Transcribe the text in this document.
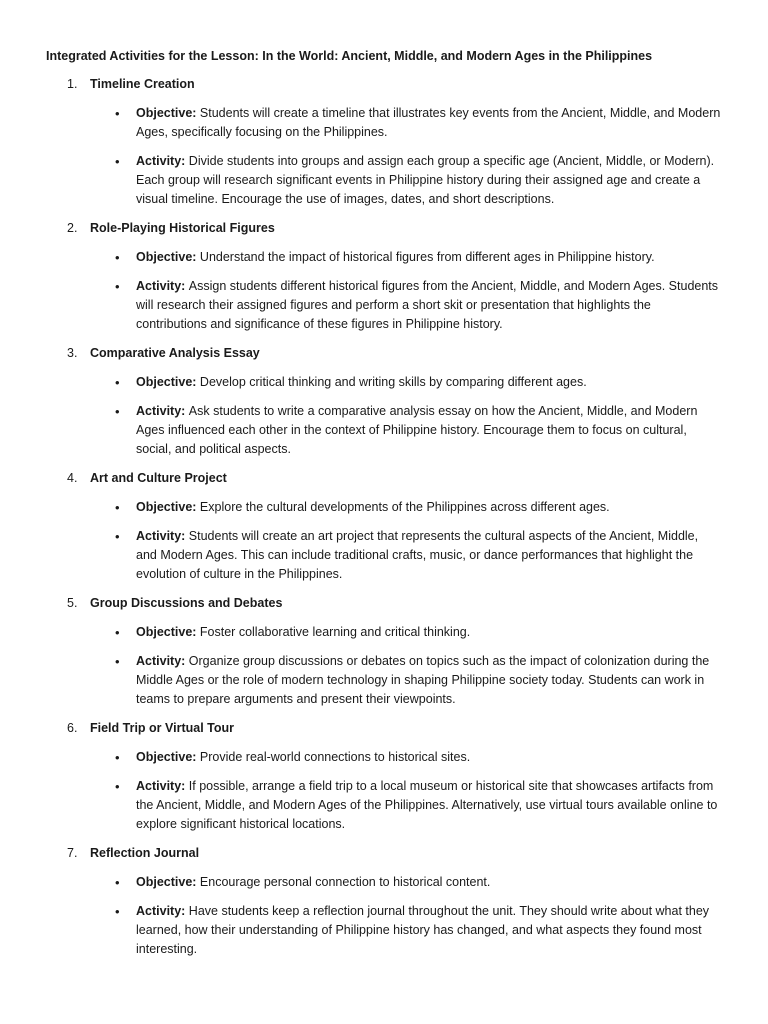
Integrated Activities for the Lesson: In the World: Ancient, Middle, and Modern Ages in the Philippines
1. Timeline Creation
• Objective: Students will create a timeline that illustrates key events from the Ancient, Middle, and Modern Ages, specifically focusing on the Philippines.
• Activity: Divide students into groups and assign each group a specific age (Ancient, Middle, or Modern). Each group will research significant events in Philippine history during their assigned age and create a visual timeline. Encourage the use of images, dates, and short descriptions.
2. Role-Playing Historical Figures
• Objective: Understand the impact of historical figures from different ages in Philippine history.
• Activity: Assign students different historical figures from the Ancient, Middle, and Modern Ages. Students will research their assigned figures and perform a short skit or presentation that highlights the contributions and significance of these figures in Philippine history.
3. Comparative Analysis Essay
• Objective: Develop critical thinking and writing skills by comparing different ages.
• Activity: Ask students to write a comparative analysis essay on how the Ancient, Middle, and Modern Ages influenced each other in the context of Philippine history. Encourage them to focus on cultural, social, and political aspects.
4. Art and Culture Project
• Objective: Explore the cultural developments of the Philippines across different ages.
• Activity: Students will create an art project that represents the cultural aspects of the Ancient, Middle, and Modern Ages. This can include traditional crafts, music, or dance performances that highlight the evolution of culture in the Philippines.
5. Group Discussions and Debates
• Objective: Foster collaborative learning and critical thinking.
• Activity: Organize group discussions or debates on topics such as the impact of colonization during the Middle Ages or the role of modern technology in shaping Philippine society today. Students can work in teams to prepare arguments and present their viewpoints.
6. Field Trip or Virtual Tour
• Objective: Provide real-world connections to historical sites.
• Activity: If possible, arrange a field trip to a local museum or historical site that showcases artifacts from the Ancient, Middle, and Modern Ages of the Philippines. Alternatively, use virtual tours available online to explore significant historical locations.
7. Reflection Journal
• Objective: Encourage personal connection to historical content.
• Activity: Have students keep a reflection journal throughout the unit. They should write about what they learned, how their understanding of Philippine history has changed, and what aspects they found most interesting.
